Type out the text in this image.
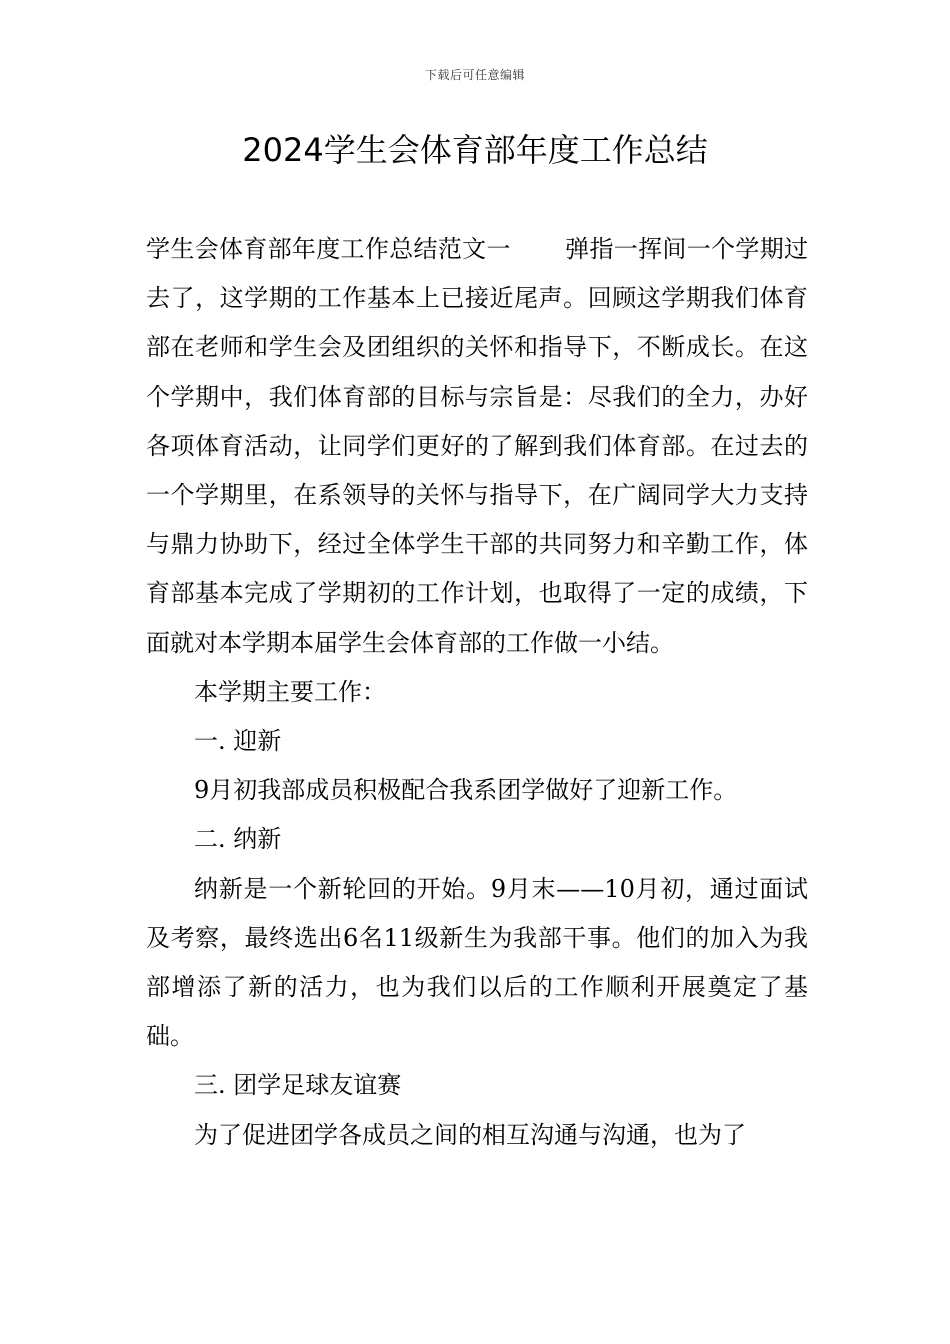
下载后可任意编辑
2024学生会体育部年度工作总结

学生会体育部年度工作总结范文一 弹指一挥间一个学期过去了，这学期的工作基本上已接近尾声。回顾这学期我们体育部在老师和学生会及团组织的关怀和指导下，不断成长。在这个学期中，我们体育部的目标与宗旨是：尽我们的全力，办好各项体育活动，让同学们更好的了解到我们体育部。在过去的一个学期里，在系领导的关怀与指导下，在广阔同学大力支持与鼎力协助下，经过全体学生干部的共同努力和辛勤工作，体育部基本完成了学期初的工作计划，也取得了一定的成绩，下面就对本学期本届学生会体育部的工作做一小结。

本学期主要工作：

一. 迎新

9月初我部成员积极配合我系团学做好了迎新工作。

二. 纳新

纳新是一个新轮回的开始。9月末——10月初，通过面试及考察，最终选出6名11级新生为我部干事。他们的加入为我部增添了新的活力，也为我们以后的工作顺利开展奠定了基础。

三. 团学足球友谊赛

为了促进团学各成员之间的相互沟通与沟通，也为了
